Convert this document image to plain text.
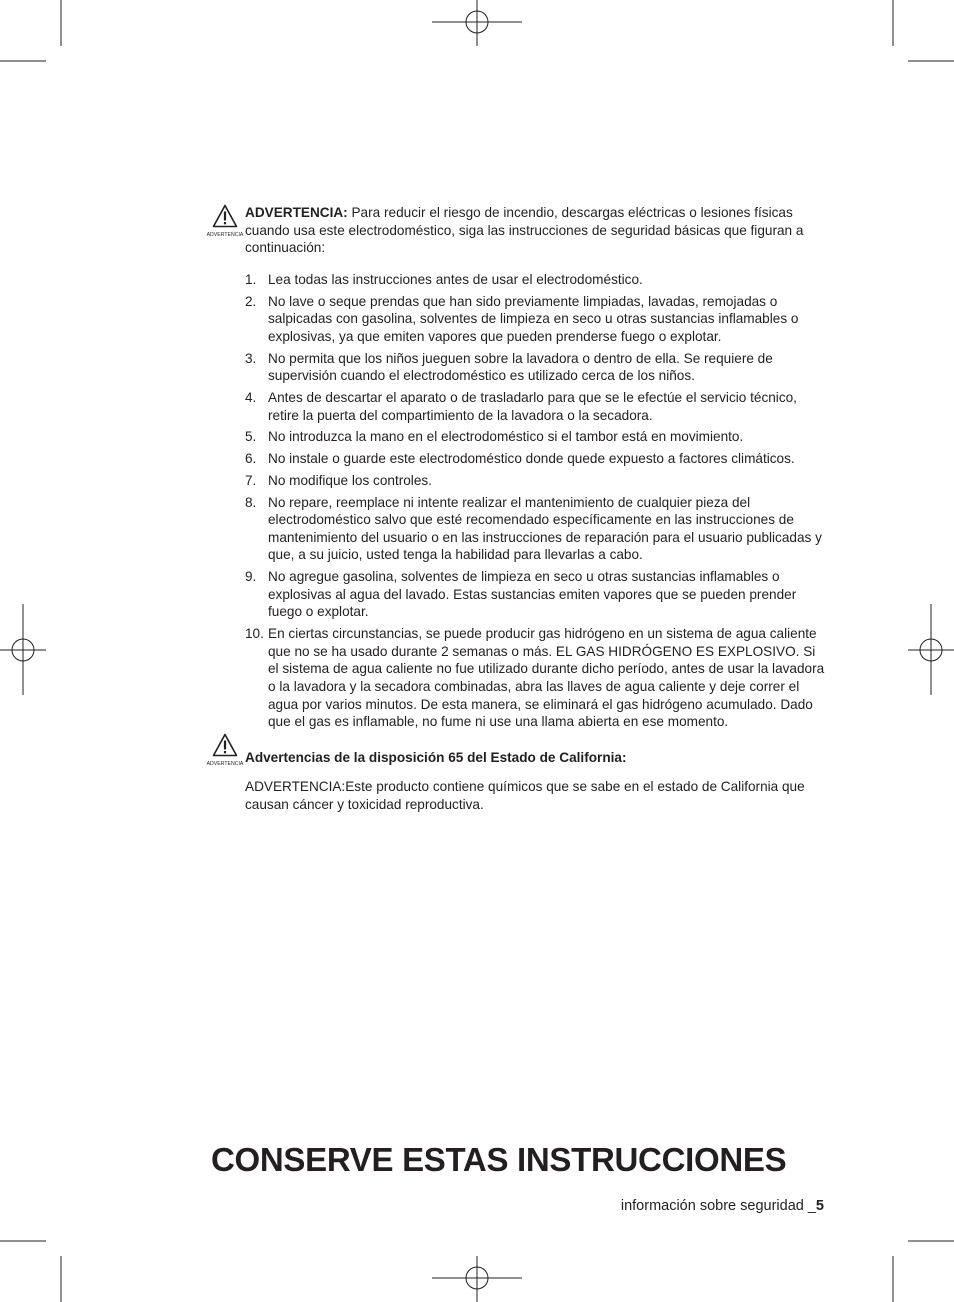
ADVERTENCIA
ADVERTENCIA: Para reducir el riesgo de incendio, descargas eléctricas o lesiones físicas cuando usa este electrodoméstico, siga las instrucciones de seguridad básicas que figuran a continuación:
1. Lea todas las instrucciones antes de usar el electrodoméstico.
2. No lave o seque prendas que han sido previamente limpiadas, lavadas, remojadas o salpicadas con gasolina, solventes de limpieza en seco u otras sustancias inflamables o explosivas, ya que emiten vapores que pueden prenderse fuego o explotar.
3. No permita que los niños jueguen sobre la lavadora o dentro de ella. Se requiere de supervisión cuando el electrodoméstico es utilizado cerca de los niños.
4. Antes de descartar el aparato o de trasladarlo para que se le efectúe el servicio técnico, retire la puerta del compartimiento de la lavadora o la secadora.
5. No introduzca la mano en el electrodoméstico si el tambor está en movimiento.
6. No instale o guarde este electrodoméstico donde quede expuesto a factores climáticos.
7. No modifique los controles.
8. No repare, reemplace ni intente realizar el mantenimiento de cualquier pieza del electrodoméstico salvo que esté recomendado específicamente en las instrucciones de mantenimiento del usuario o en las instrucciones de reparación para el usuario publicadas y que, a su juicio, usted tenga la habilidad para llevarlas a cabo.
9. No agregue gasolina, solventes de limpieza en seco u otras sustancias inflamables o explosivas al agua del lavado. Estas sustancias emiten vapores que se pueden prender fuego o explotar.
10. En ciertas circunstancias, se puede producir gas hidrógeno en un sistema de agua caliente que no se ha usado durante 2 semanas o más. EL GAS HIDRÓGENO ES EXPLOSIVO. Si el sistema de agua caliente no fue utilizado durante dicho período, antes de usar la lavadora o la lavadora y la secadora combinadas, abra las llaves de agua caliente y deje correr el agua por varios minutos. De esta manera, se eliminará el gas hidrógeno acumulado. Dado que el gas es inflamable, no fume ni use una llama abierta en ese momento.
ADVERTENCIA Advertencias de la disposición 65 del Estado de California:
ADVERTENCIA:Este producto contiene químicos que se sabe en el estado de California que causan cáncer y toxicidad reproductiva.
CONSERVE ESTAS INSTRUCCIONES
información sobre seguridad _5
